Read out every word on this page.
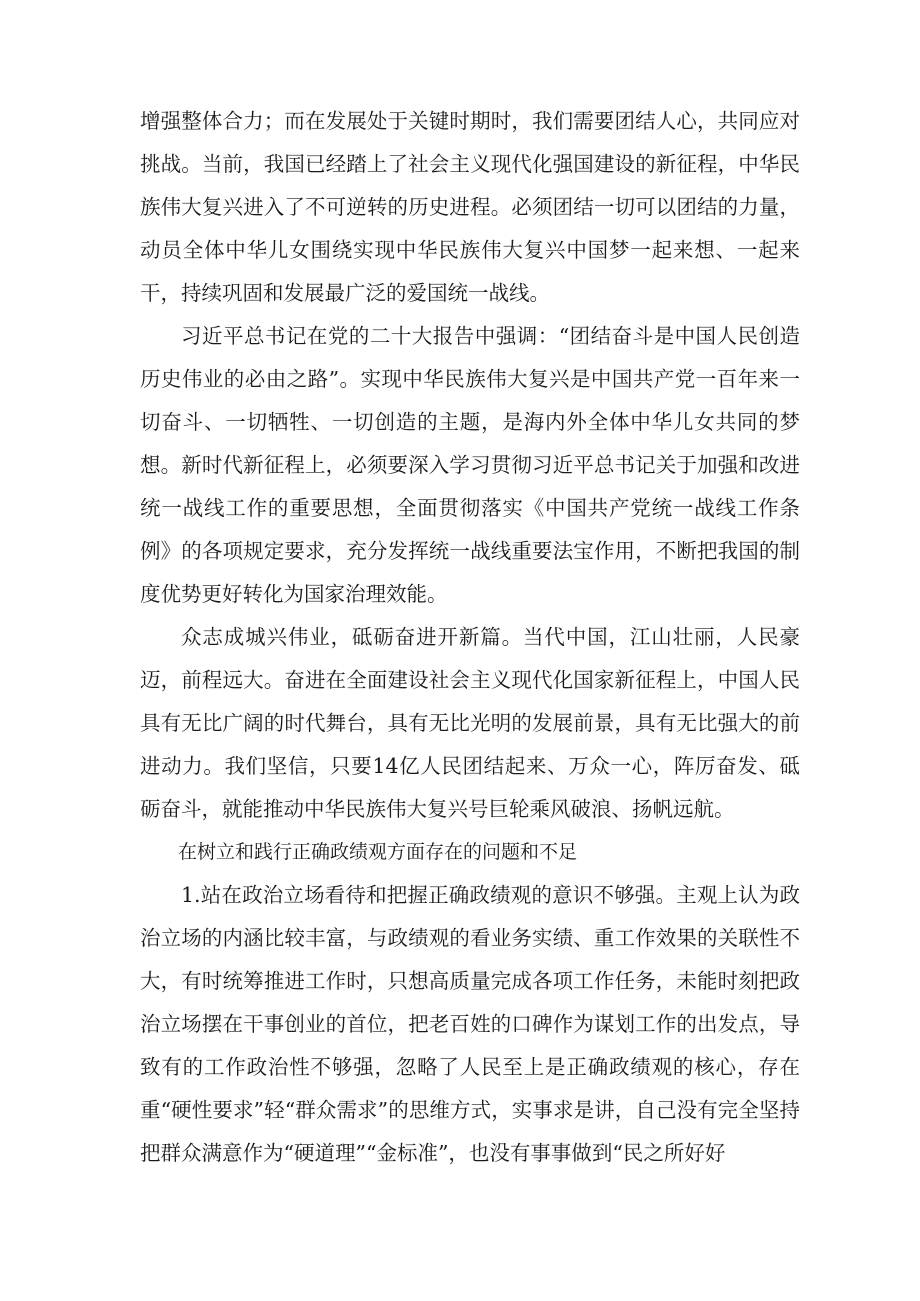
增强整体合力；而在发展处于关键时期时，我们需要团结人心，共同应对挑战。当前，我国已经踏上了社会主义现代化强国建设的新征程，中华民族伟大复兴进入了不可逆转的历史进程。必须团结一切可以团结的力量，动员全体中华儿女围绕实现中华民族伟大复兴中国梦一起来想、一起来干，持续巩固和发展最广泛的爱国统一战线。

习近平总书记在党的二十大报告中强调：“团结奋斗是中国人民创造历史伟业的必由之路”。实现中华民族伟大复兴是中国共产党一百年来一切奋斗、一切牺牲、一切创造的主题，是海内外全体中华儿女共同的梦想。新时代新征程上，必须要深入学习贯彻习近平总书记关于加强和改进统一战线工作的重要思想，全面贯彻落实《中国共产党统一战线工作条例》的各项规定要求，充分发挥统一战线重要法宝作用，不断把我国的制度优势更好转化为国家治理效能。

众志成城兴伟业，砥砺奋进开新篇。当代中国，江山壮丽，人民豪迈，前程远大。奋进在全面建设社会主义现代化国家新征程上，中国人民具有无比广阔的时代舞台，具有无比光明的发展前景，具有无比强大的前进动力。我们坚信，只要14亿人民团结起来、万众一心，阵厉奋发、砥砺奋斗，就能推动中华民族伟大复兴号巨轮乘风破浪、扬帆远航。

在树立和践行正确政绩观方面存在的问题和不足

1.站在政治立场看待和把握正确政绩观的意识不够强。主观上认为政治立场的内涵比较丰富，与政绩观的看业务实绩、重工作效果的关联性不大，有时统筹推进工作时，只想高质量完成各项工作任务，未能时刻把政治立场摆在干事创业的首位，把老百姓的口碑作为谋划工作的出发点，导致有的工作政治性不够强，忽略了人民至上是正确政绩观的核心，存在重“硬性要求”轻“群众需求”的思维方式，实事求是讲，自己没有完全坚持把群众满意作为“硬道理”“金标准”，也没有事事做到“民之所好好
